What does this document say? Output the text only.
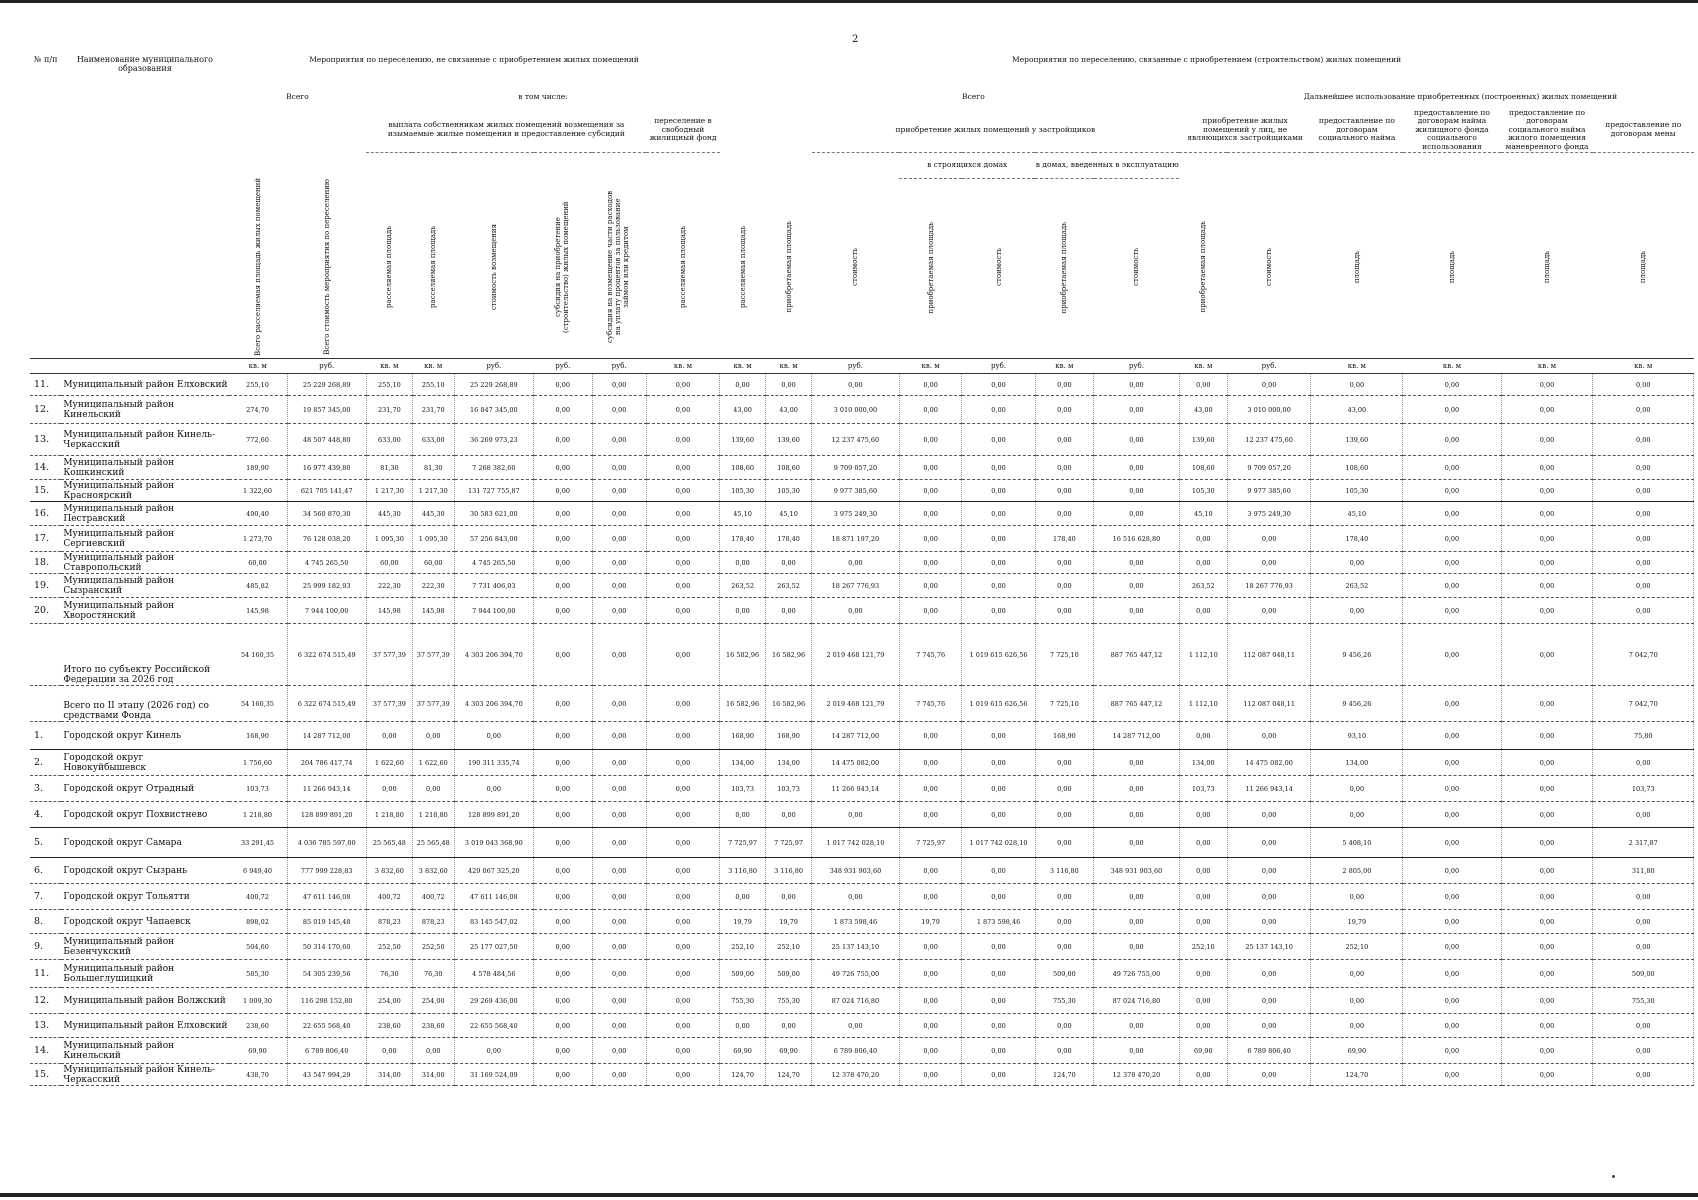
2
№ п/п	Наименование муниципального образования	Мероприятия по переселению, не связанные с приобретением жилых помещений								Мероприятия по переселению, связанные с приобретением (строительством) жилых помещений												
		Всего		в том числе:						Всего								Дальнейшее использование приобретенных (построенных) жилых помещений				
				выплата собственникам жилых помещений возмещения за изымаемые жилые помещения и предоставление субсидий					переселение в свободный жилищный фонд			приобретение жилых помещений у застройщиков					приобретение жилых помещений у лиц, не являющихся застройщиками		предоставление по договорам социального найма	предоставление по договорам найма жилищного фонда социального использования	предоставление по договорам социального найма жилого помещения маневренного фонда	предоставление по договорам мены
													в строящихся домах		в домах, введенных в эксплуатацию							
		Всего расселяемая площадь жилых помещений	Всего стоимость мероприятия по переселению	расселяемая площадь	расселяемая площадь	стоимость возмещения	субсидия на приобретение (строительство) жилых помещений	субсидия на возмещение части расходов на уплату процентов за пользование займом или кредитом	расселяемая площадь	расселяемая площадь	приобретаемая площадь	стоимость	приобретаемая площадь	стоимость	приобретаемая площадь	стоимость	приобретаемая площадь	стоимость	площадь	площадь	площадь	площадь
		кв. м	руб.	кв. м	кв. м	руб.	руб.	руб.	кв. м	кв. м	кв. м	руб.	кв. м	руб.	кв. м	руб.	кв. м	руб.	кв. м	кв. м	кв. м	кв. м
11.	Муниципальный район Елховский	255,10	25 229 268,89	255,10	255,10	25 229 268,89	0,00	0,00	0,00	0,00	0,00	0,00	0,00	0,00	0,00	0,00	0,00	0,00	0,00	0,00	0,00	0,00
12.	Муниципальный район Кинельский	274,70	19 857 345,00	231,70	231,70	16 847 345,00	0,00	0,00	0,00	43,00	43,00	3 010 000,00	0,00	0,00	0,00	0,00	43,00	3 010 000,00	43,00	0,00	0,00	0,00
13.	Муниципальный район Кинель-Черкасский	772,60	48 507 448,80	633,00	633,00	36 269 973,23	0,00	0,00	0,00	139,60	139,60	12 237 475,60	0,00	0,00	0,00	0,00	139,60	12 237 475,60	139,60	0,00	0,00	0,00
14.	Муниципальный район Кошкинский	189,90	16 977 439,80	81,30	81,30	7 268 382,60	0,00	0,00	0,00	108,60	108,60	9 709 057,20	0,00	0,00	0,00	0,00	108,60	9 709 057,20	108,60	0,00	0,00	0,00
15.	Муниципальный район Красноярский	1 322,60	621 705 141,47	1 217,30	1 217,30	131 727 755,87	0,00	0,00	0,00	105,30	105,30	9 977 385,60	0,00	0,00	0,00	0,00	105,30	9 977 385,60	105,30	0,00	0,00	0,00
16.	Муниципальный район Пестравский	490,40	34 560 870,30	445,30	445,30	30 583 621,00	0,00	0,00	0,00	45,10	45,10	3 975 249,30	0,00	0,00	0,00	0,00	45,10	3 975 249,30	45,10	0,00	0,00	0,00
17.	Муниципальный район Сергиевский	1 273,70	76 128 038,20	1 095,30	1 095,30	57 256 843,00	0,00	0,00	0,00	178,40	178,40	18 871 197,20	0,00	0,00	178,40	16 516 628,80	0,00	0,00	178,40	0,00	0,00	0,00
18.	Муниципальный район Ставропольский	60,00	4 745 265,50	60,00	60,00	4 745 265,50	0,00	0,00	0,00	0,00	0,00	0,00	0,00	0,00	0,00	0,00	0,00	0,00	0,00	0,00	0,00	0,00
19.	Муниципальный район Сызранский	485,82	25 999 182,93	222,30	222,30	7 731 406,03	0,00	0,00	0,00	263,52	263,52	18 267 776,93	0,00	0,00	0,00	0,00	263,52	18 267 776,93	263,52	0,00	0,00	0,00
20.	Муниципальный район Хворостянский	145,98	7 944 100,00	145,98	145,98	7 944 100,00	0,00	0,00	0,00	0,00	0,00	0,00	0,00	0,00	0,00	0,00	0,00	0,00	0,00	0,00	0,00	0,00
	Итого по субъекту Российской Федерации за 2026 год	54 160,35	6 322 674 515,49	37 577,39	37 577,39	4 303 206 394,70	0,00	0,00	0,00	16 582,96	16 582,96	2 019 468 121,79	7 745,76	1 019 615 626,56	7 725,10	887 765 447,12	1 112,10	112 087 048,11	9 456,26	0,00	0,00	7 042,70
	Всего по II этапу (2026 год) со средствами Фонда	54 160,35	6 322 674 515,49	37 577,39	37 577,39	4 303 206 394,70	0,00	0,00	0,00	16 582,96	16 582,96	2 019 468 121,79	7 745,76	1 019 615 626,56	7 725,10	887 765 447,12	1 112,10	112 087 048,11	9 456,26	0,00	0,00	7 042,70
1.	Городской округ Кинель	168,90	14 287 712,00	0,00	0,00	0,00	0,00	0,00	0,00	168,90	168,90	14 287 712,00	0,00	0,00	168,90	14 287 712,00	0,00	0,00	93,10	0,00	0,00	75,80
2.	Городской округ Новокуйбышевск	1 756,60	204 786 417,74	1 622,60	1 622,60	190 311 335,74	0,00	0,00	0,00	134,00	134,00	14 475 082,00	0,00	0,00	0,00	0,00	134,00	14 475 082,00	134,00	0,00	0,00	0,00
3.	Городской округ Отрадный	103,73	11 266 943,14	0,00	0,00	0,00	0,00	0,00	0,00	103,73	103,73	11 266 943,14	0,00	0,00	0,00	0,00	103,73	11 266 943,14	0,00	0,00	0,00	103,73
4.	Городской округ Похвистнево	1 218,80	128 899 891,20	1 218,80	1 218,80	128 899 891,20	0,00	0,00	0,00	0,00	0,00	0,00	0,00	0,00	0,00	0,00	0,00	0,00	0,00	0,00	0,00	0,00
5.	Городской округ Самара	33 291,45	4 036 785 597,00	25 565,48	25 565,48	3 019 043 368,90	0,00	0,00	0,00	7 725,97	7 725,97	1 017 742 028,10	7 725,97	1 017 742 028,10	0,00	0,00	0,00	0,00	5 408,10	0,00	0,00	2 317,87
6.	Городской округ Сызрань	6 949,40	777 999 228,83	3 832,60	3 832,60	429 067 325,20	0,00	0,00	0,00	3 116,80	3 116,80	348 931 903,60	0,00	0,00	3 116,80	348 931 903,60	0,00	0,00	2 805,00	0,00	0,00	311,80
7.	Городской округ Тольятти	400,72	47 611 146,08	400,72	400,72	47 611 146,08	0,00	0,00	0,00	0,00	0,00	0,00	0,00	0,00	0,00	0,00	0,00	0,00	0,00	0,00	0,00	0,00
8.	Городской округ Чапаевск	898,02	85 019 145,48	878,23	878,23	83 145 547,02	0,00	0,00	0,00	19,79	19,79	1 873 598,46	19,79	1 873 598,46	0,00	0,00	0,00	0,00	19,79	0,00	0,00	0,00
9.	Муниципальный район Безенчукский	504,60	50 314 170,60	252,50	252,50	25 177 027,50	0,00	0,00	0,00	252,10	252,10	25 137 143,10	0,00	0,00	0,00	0,00	252,10	25 137 143,10	252,10	0,00	0,00	0,00
11.	Муниципальный район Большеглушицкий	585,30	54 305 239,56	76,30	76,30	4 578 484,56	0,00	0,00	0,00	509,00	509,00	49 726 755,00	0,00	0,00	509,00	49 726 755,00	0,00	0,00	0,00	0,00	0,00	509,00
12.	Муниципальный район Волжский	1 009,30	116 298 152,80	254,00	254,00	29 269 436,00	0,00	0,00	0,00	755,30	755,30	87 024 716,80	0,00	0,00	755,30	87 024 716,80	0,00	0,00	0,00	0,00	0,00	755,30
13.	Муниципальный район Елховский	238,60	22 655 568,40	238,60	238,60	22 655 568,40	0,00	0,00	0,00	0,00	0,00	0,00	0,00	0,00	0,00	0,00	0,00	0,00	0,00	0,00	0,00	0,00
14.	Муниципальный район Кинельский	69,90	6 789 806,40	0,00	0,00	0,00	0,00	0,00	0,00	69,90	69,90	6 789 806,40	0,00	0,00	0,00	0,00	69,90	6 789 806,40	69,90	0,00	0,00	0,00
15.	Муниципальный район Кинель-Черкасский	438,70	43 547 994,29	314,00	314,00	31 169 524,09	0,00	0,00	0,00	124,70	124,70	12 378 470,20	0,00	0,00	124,70	12 378 470,20	0,00	0,00	124,70	0,00	0,00	0,00
